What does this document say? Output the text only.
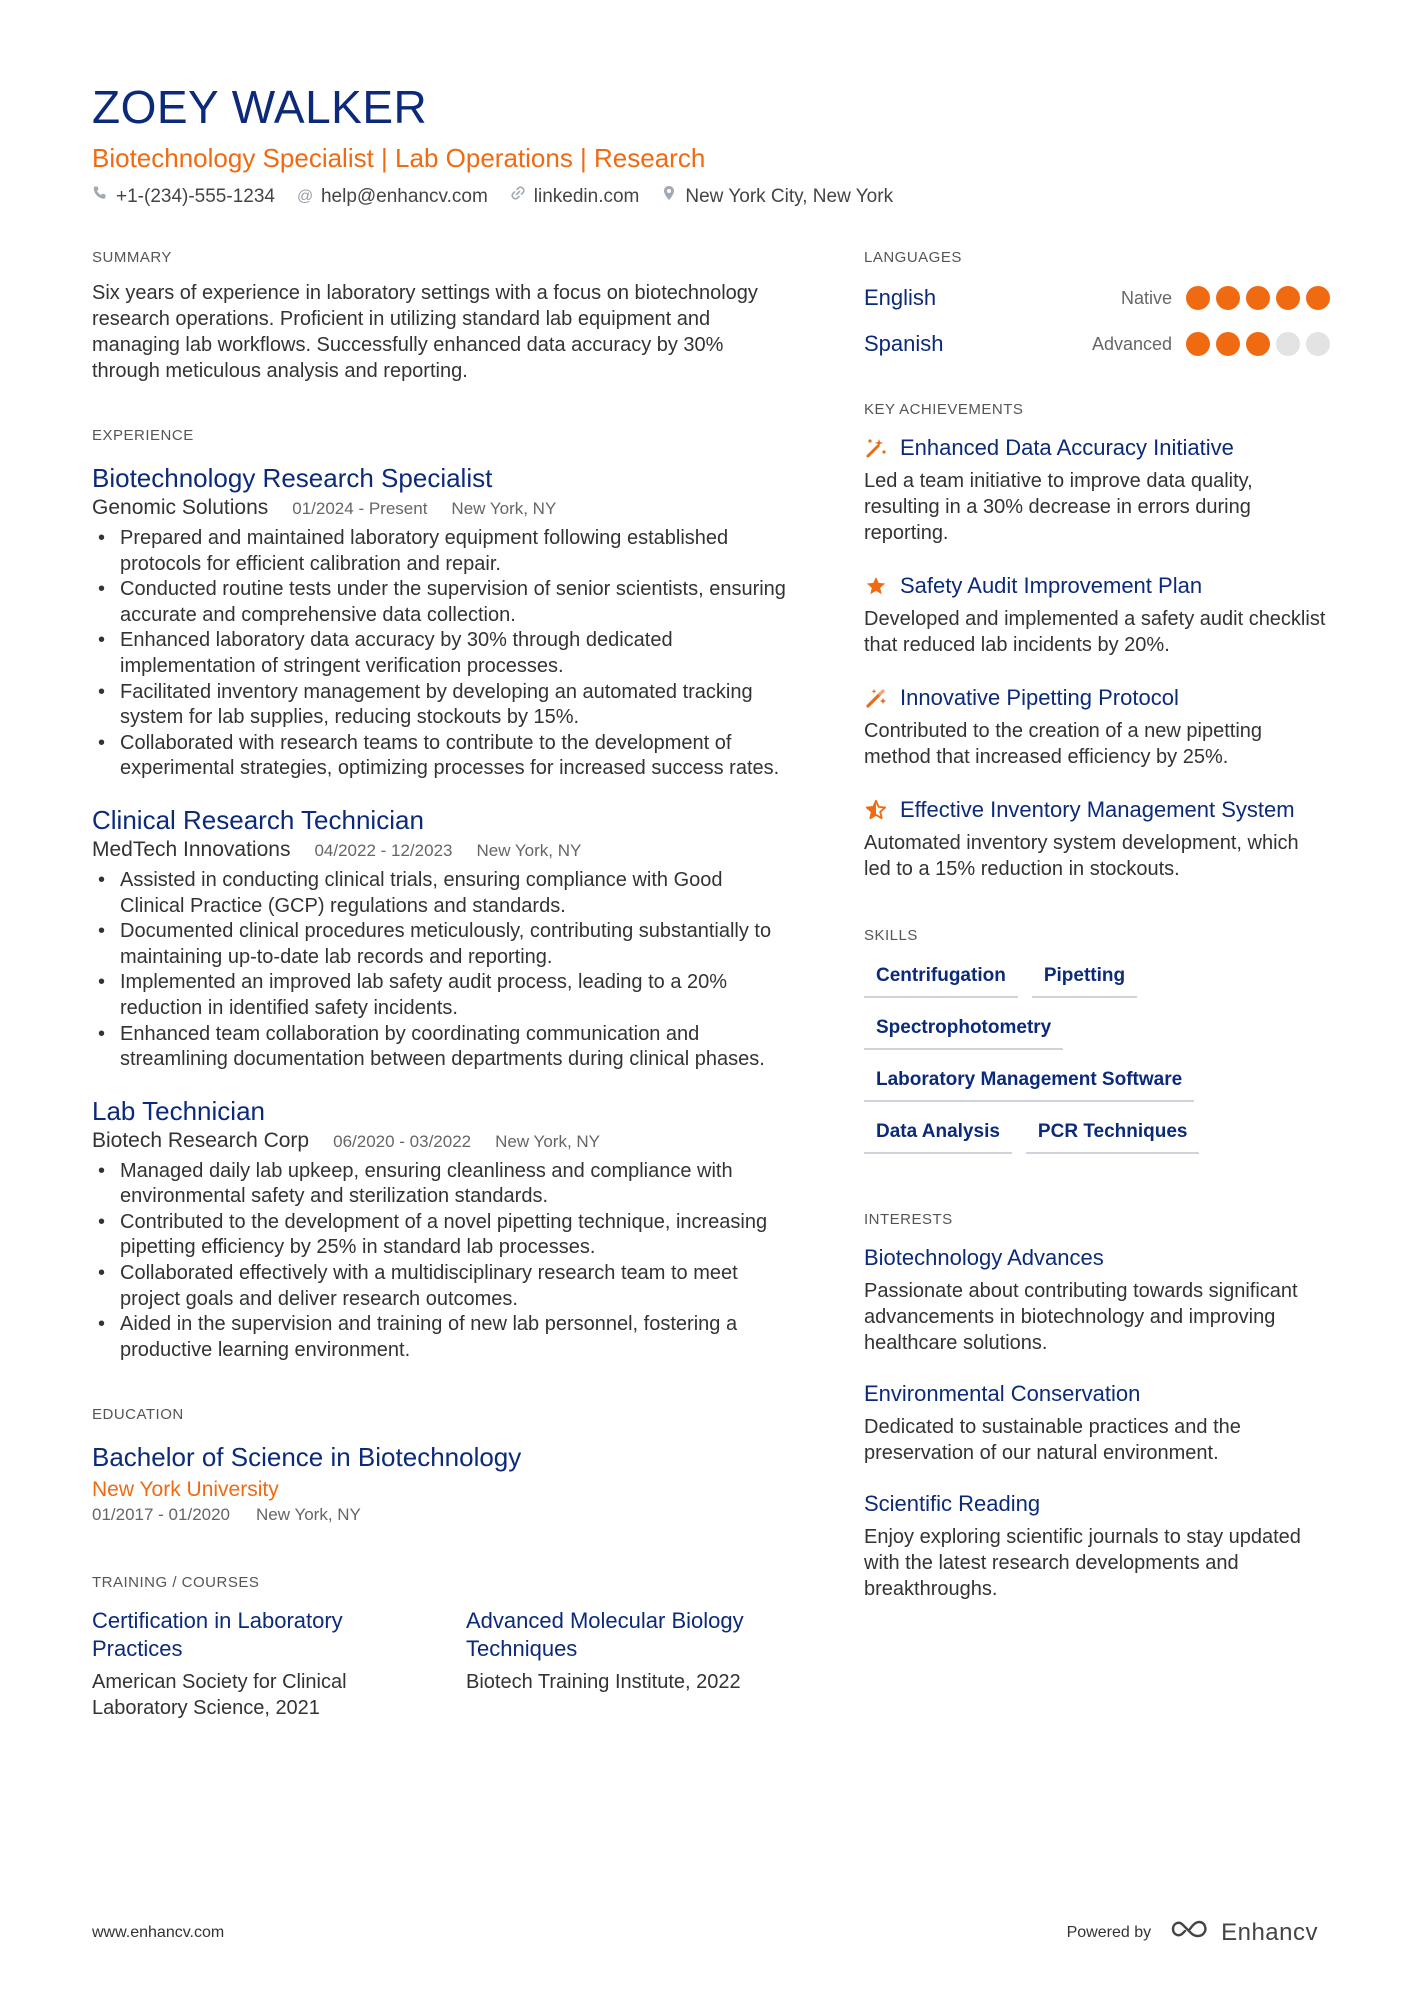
ZOEY WALKER
Biotechnology Specialist | Lab Operations | Research
+1-(234)-555-1234 @ help@enhancv.com linkedin.com New York City, New York
SUMMARY

Six years of experience in laboratory settings with a focus on biotechnology research operations. Proficient in utilizing standard lab equipment and managing lab workflows. Successfully enhanced data accuracy by 30% through meticulous analysis and reporting.

EXPERIENCE
Biotechnology Research Specialist
Genomic Solutions 01/2024 - Present New York, NY
• Prepared and maintained laboratory equipment following established protocols for efficient calibration and repair.
• Conducted routine tests under the supervision of senior scientists, ensuring accurate and comprehensive data collection.
• Enhanced laboratory data accuracy by 30% through dedicated implementation of stringent verification processes.
• Facilitated inventory management by developing an automated tracking system for lab supplies, reducing stockouts by 15%.
• Collaborated with research teams to contribute to the development of experimental strategies, optimizing processes for increased success rates.
Clinical Research Technician
MedTech Innovations 04/2022 - 12/2023 New York, NY
• Assisted in conducting clinical trials, ensuring compliance with Good Clinical Practice (GCP) regulations and standards.
• Documented clinical procedures meticulously, contributing substantially to maintaining up-to-date lab records and reporting.
• Implemented an improved lab safety audit process, leading to a 20% reduction in identified safety incidents.
• Enhanced team collaboration by coordinating communication and streamlining documentation between departments during clinical phases.
Lab Technician
Biotech Research Corp 06/2020 - 03/2022 New York, NY
• Managed daily lab upkeep, ensuring cleanliness and compliance with environmental safety and sterilization standards.
• Contributed to the development of a novel pipetting technique, increasing pipetting efficiency by 25% in standard lab processes.
• Collaborated effectively with a multidisciplinary research team to meet project goals and deliver research outcomes.
• Aided in the supervision and training of new lab personnel, fostering a productive learning environment.
EDUCATION
Bachelor of Science in Biotechnology
New York University
01/2017 - 01/2020 New York, NY
TRAINING / COURSES
Certification in Laboratory Practices
American Society for Clinical Laboratory Science, 2021
Advanced Molecular Biology Techniques
Biotech Training Institute, 2022
LANGUAGES
English	Native
Spanish	Advanced
KEY ACHIEVEMENTS
Enhanced Data Accuracy Initiative

Led a team initiative to improve data quality, resulting in a 30% decrease in errors during reporting.

Safety Audit Improvement Plan

Developed and implemented a safety audit checklist that reduced lab incidents by 20%.

Innovative Pipetting Protocol

Contributed to the creation of a new pipetting method that increased efficiency by 25%.

Effective Inventory Management System

Automated inventory system development, which led to a 15% reduction in stockouts.

SKILLS
Centrifugation	Pipetting
Spectrophotometry
Laboratory Management Software
Data Analysis	PCR Techniques
INTERESTS
Biotechnology Advances

Passionate about contributing towards significant advancements in biotechnology and improving healthcare solutions.

Environmental Conservation

Dedicated to sustainable practices and the preservation of our natural environment.

Scientific Reading

Enjoy exploring scientific journals to stay updated with the latest research developments and breakthroughs.

www.enhancv.com	Powered by	Enhancv
